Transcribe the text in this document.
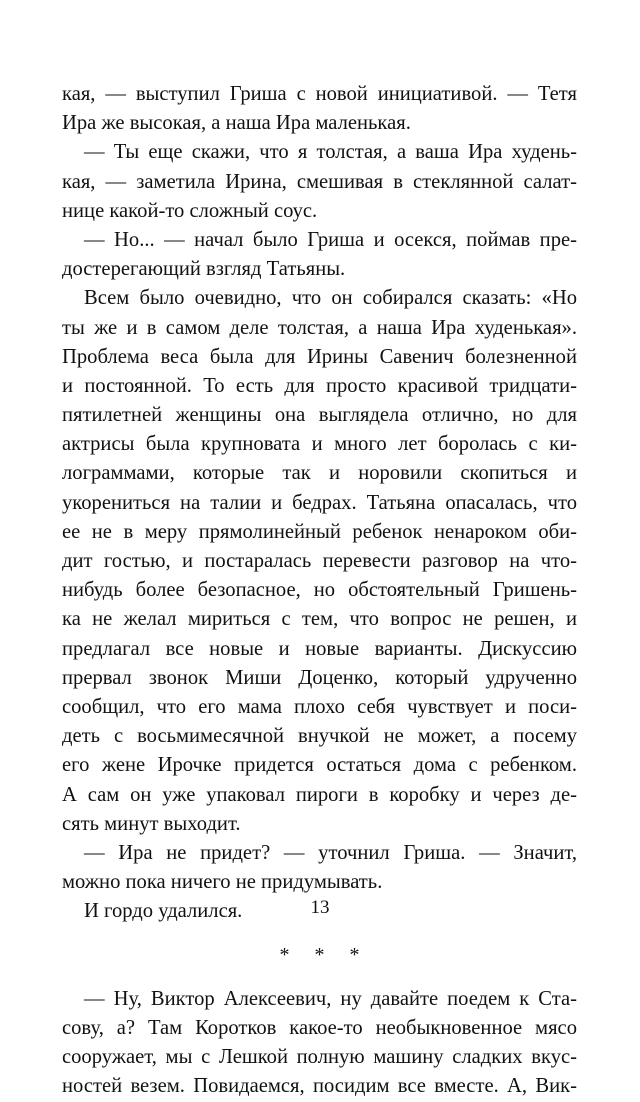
кая, — выступил Гриша с новой инициативой. — Тетя
Ира же высокая, а наша Ира маленькая.
— Ты еще скажи, что я толстая, а ваша Ира худень-
кая, — заметила Ирина, смешивая в стеклянной салат-
нице какой-то сложный соус.
— Но... — начал было Гриша и осекся, поймав пре-
достерегающий взгляд Татьяны.
Всем было очевидно, что он собирался сказать: «Но
ты же и в самом деле толстая, а наша Ира худенькая».
Проблема веса была для Ирины Савенич болезненной
и постоянной. То есть для просто красивой тридцати-
пятилетней женщины она выглядела отлично, но для
актрисы была крупновата и много лет боролась с ки-
лограммами, которые так и норовили скопиться и
укорениться на талии и бедрах. Татьяна опасалась, что
ее не в меру прямолинейный ребенок ненароком оби-
дит гостью, и постаралась перевести разговор на что-
нибудь более безопасное, но обстоятельный Гришень-
ка не желал мириться с тем, что вопрос не решен, и
предлагал все новые и новые варианты. Дискуссию
прервал звонок Миши Доценко, который удрученно
сообщил, что его мама плохо себя чувствует и поси-
деть с восьмимесячной внучкой не может, а посему
его жене Ирочке придется остаться дома с ребенком.
А сам он уже упаковал пироги в коробку и через де-
сять минут выходит.
— Ира не придет? — уточнил Гриша. — Значит,
можно пока ничего не придумывать.
И гордо удалился.
* * *
— Ну, Виктор Алексеевич, ну давайте поедем к Ста-
сову, а? Там Коротков какое-то необыкновенное мясо
сооружает, мы с Лешкой полную машину сладких вкус-
ностей везем. Повидаемся, посидим все вместе. А, Вик-
13
